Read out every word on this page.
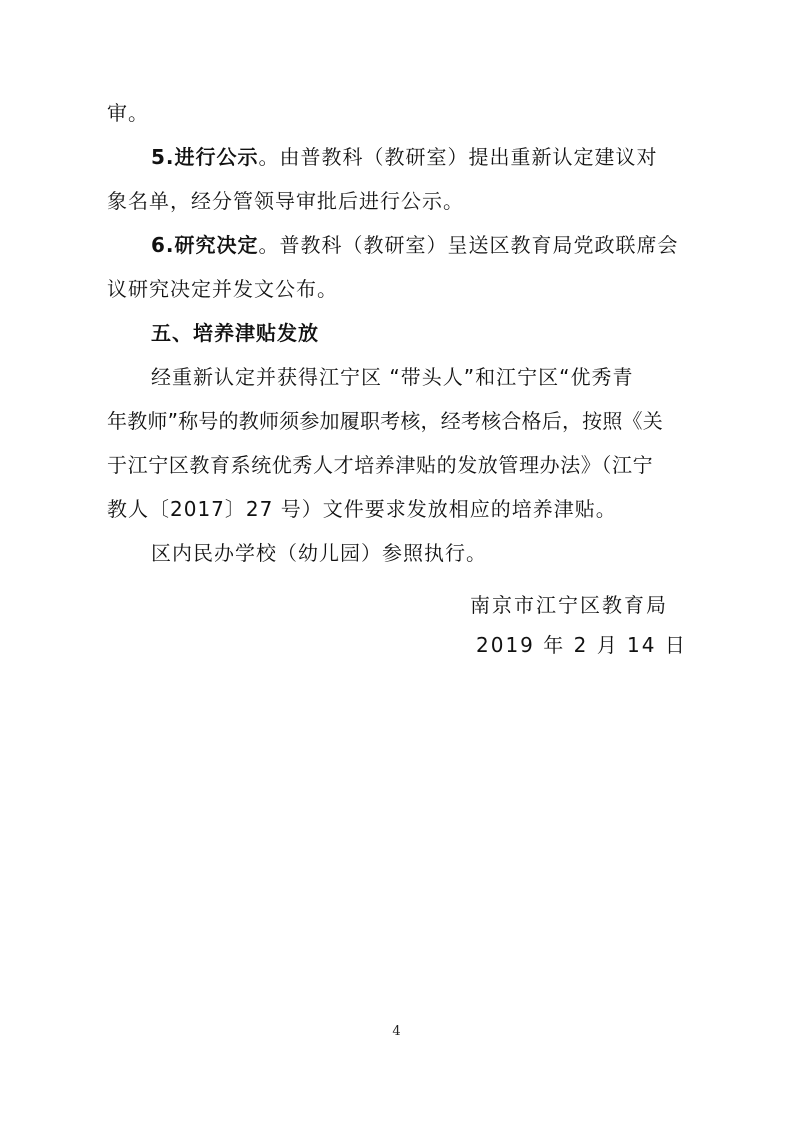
审。
5.进行公示。由普教科（教研室）提出重新认定建议对
象名单，经分管领导审批后进行公示。
6.研究决定。普教科（教研室）呈送区教育局党政联席会
议研究决定并发文公布。
五、培养津贴发放
经重新认定并获得江宁区 “带头人”和江宁区“优秀青
年教师”称号的教师须参加履职考核，经考核合格后，按照《关
于江宁区教育系统优秀人才培养津贴的发放管理办法》（江宁
教人〔2017〕27 号）文件要求发放相应的培养津贴。
区内民办学校（幼儿园）参照执行。
南京市江宁区教育局
2019 年 2 月 14 日
4
